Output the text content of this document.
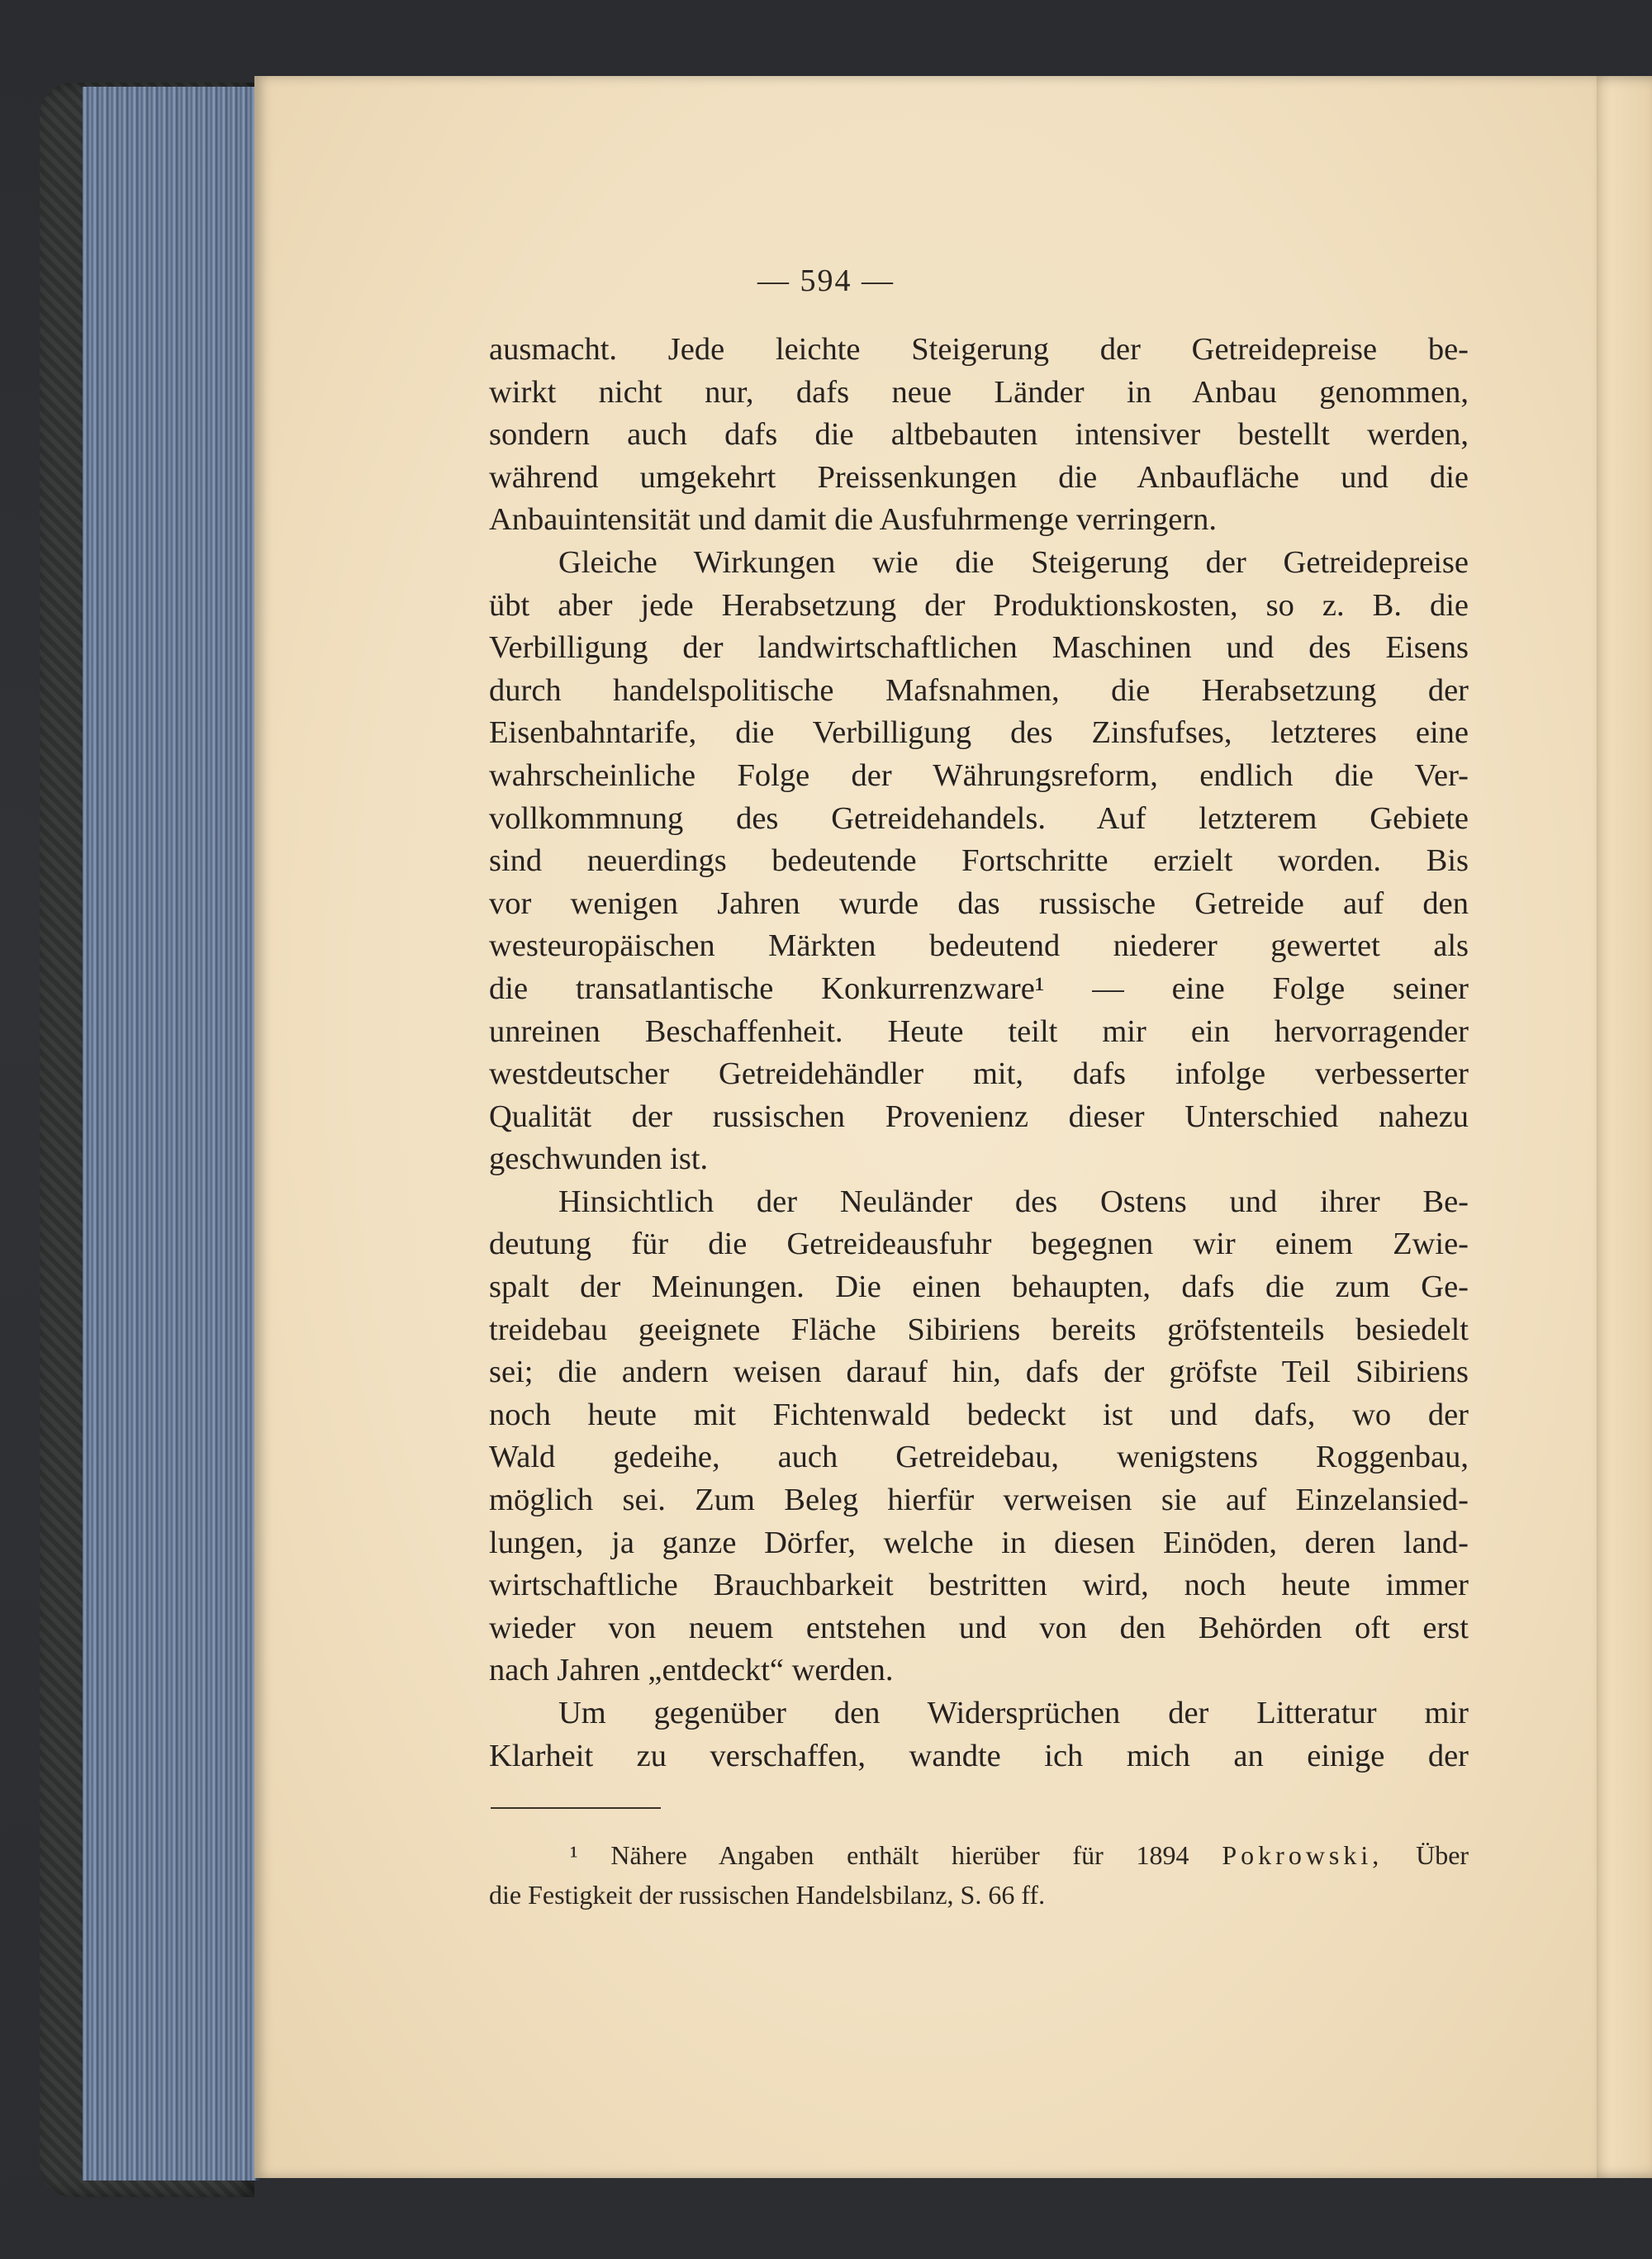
— 594 —
ausmacht. Jede leichte Steigerung der Getreidepreise be-
wirkt nicht nur, dafs neue Länder in Anbau genommen,
sondern auch dafs die altbebauten intensiver bestellt werden,
während umgekehrt Preissenkungen die Anbaufläche und die
Anbauintensität und damit die Ausfuhrmenge verringern.
Gleiche Wirkungen wie die Steigerung der Getreidepreise
übt aber jede Herabsetzung der Produktionskosten, so z. B. die
Verbilligung der landwirtschaftlichen Maschinen und des Eisens
durch handelspolitische Mafsnahmen, die Herabsetzung der
Eisenbahntarife, die Verbilligung des Zinsfufses, letzteres eine
wahrscheinliche Folge der Währungsreform, endlich die Ver-
vollkommnung des Getreidehandels. Auf letzterem Gebiete
sind neuerdings bedeutende Fortschritte erzielt worden. Bis
vor wenigen Jahren wurde das russische Getreide auf den
westeuropäischen Märkten bedeutend niederer gewertet als
die transatlantische Konkurrenzware¹ — eine Folge seiner
unreinen Beschaffenheit. Heute teilt mir ein hervorragender
westdeutscher Getreidehändler mit, dafs infolge verbesserter
Qualität der russischen Provenienz dieser Unterschied nahezu
geschwunden ist.
Hinsichtlich der Neuländer des Ostens und ihrer Be-
deutung für die Getreideausfuhr begegnen wir einem Zwie-
spalt der Meinungen. Die einen behaupten, dafs die zum Ge-
treidebau geeignete Fläche Sibiriens bereits gröfstenteils besiedelt
sei; die andern weisen darauf hin, dafs der gröfste Teil Sibiriens
noch heute mit Fichtenwald bedeckt ist und dafs, wo der
Wald gedeihe, auch Getreidebau, wenigstens Roggenbau,
möglich sei. Zum Beleg hierfür verweisen sie auf Einzelansied-
lungen, ja ganze Dörfer, welche in diesen Einöden, deren land-
wirtschaftliche Brauchbarkeit bestritten wird, noch heute immer
wieder von neuem entstehen und von den Behörden oft erst
nach Jahren „entdeckt“ werden.
Um gegenüber den Widersprüchen der Litteratur mir
Klarheit zu verschaffen, wandte ich mich an einige der
¹ Nähere Angaben enthält hierüber für 1894 Pokrowski, Über
die Festigkeit der russischen Handelsbilanz, S. 66 ff.
